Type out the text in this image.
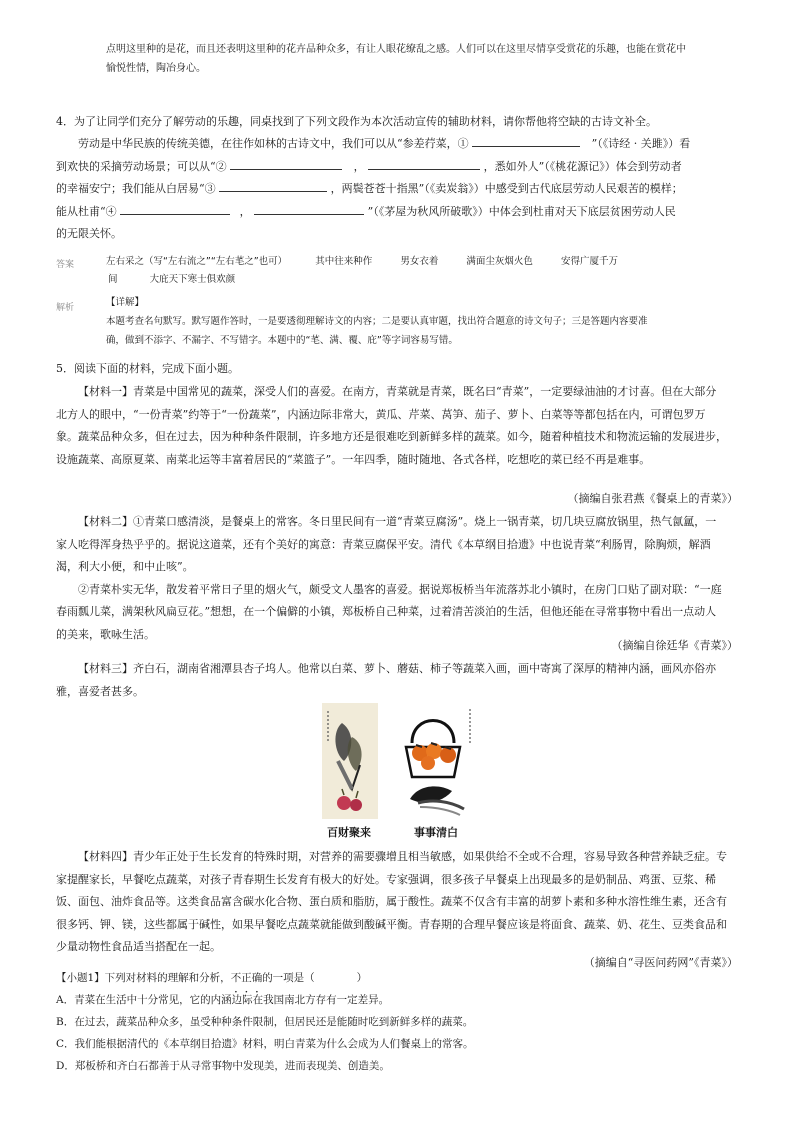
点明这里种的是花，而且还表明这里种的花卉品种众多，有让人眼花缭乱之感。人们可以在这里尽情享受赏花的乐趣，也能在赏花中
愉悦性情，陶冶身心。
4．为了让同学们充分了解劳动的乐趣，同桌找到了下列文段作为本次活动宣传的辅助材料，请你帮他将空缺的古诗文补全。
劳动是中华民族的传统美德，在往作如林的古诗文中，我们可以从“参差荇菜，①	”（《诗经 · 关雎》）看
到欢快的采摘劳动场景；可以从“②	，	，悉如外人”（《桃花源记》）体会到劳动者
的幸福安宁；我们能从白居易“③	，两鬓苍苍十指黑”（《卖炭翁》）中感受到古代底层劳动人民艰苦的模样；
能从杜甫“④	，	”（《茅屋为秋风所破歌》）中体会到杜甫对天下底层贫困劳动人民
的无限关怀。
答案	左右采之（写“左右流之”“左右芼之”也可）	其中往来种作	男女衣着	满面尘灰烟火色	安得广厦千万
间	大庇天下寒士俱欢颜
解析	【详解】
本题考查名句默写。默写题作答时，一是要透彻理解诗文的内容；二是要认真审题，找出符合题意的诗文句子；三是答题内容要准
确，做到不添字、不漏字、不写错字。本题中的“芼、满、覆、庇”等字词容易写错。
5．阅读下面的材料，完成下面小题。
【材料一】青菜是中国常见的蔬菜，深受人们的喜爱。在南方，青菜就是青菜，既名曰“青菜”，一定要绿油油的才讨喜。但在大部分
北方人的眼中，“一份青菜”约等于“一份蔬菜”，内涵边际非常大，黄瓜、芹菜、莴笋、茄子、萝卜、白菜等等都包括在内，可谓包罗万
象。蔬菜品种众多，但在过去，因为种种条件限制，许多地方还是很难吃到新鲜多样的蔬菜。如今，随着种植技术和物流运输的发展进步，
设施蔬菜、高原夏菜、南菜北运等丰富着居民的“菜篮子”。一年四季，随时随地、各式各样，吃想吃的菜已经不再是难事。
（摘编自张君燕《餐桌上的青菜》）
【材料二】①青菜口感清淡，是餐桌上的常客。冬日里民间有一道“青菜豆腐汤”。烧上一锅青菜，切几块豆腐放锅里，热气氤氲，一
家人吃得浑身热乎乎的。据说这道菜，还有个美好的寓意：青菜豆腐保平安。清代《本草纲目拾遗》中也说青菜“利肠胃，除胸烦，解酒
渴，利大小便，和中止咳”。
②青菜朴实无华，散发着平常日子里的烟火气，颇受文人墨客的喜爱。据说郑板桥当年流落苏北小镇时，在房门口贴了副对联：“一庭
春雨瓢儿菜，满架秋风扁豆花。”想想，在一个偏僻的小镇，郑板桥自己种菜，过着清苦淡泊的生活，但他还能在寻常事物中看出一点动人
的美来，歌咏生活。
（摘编自徐廷华《青菜》）
【材料三】齐白石，湖南省湘潭县杏子坞人。他常以白菜、萝卜、蘑菇、柿子等蔬菜入画，画中寄寓了深厚的精神内涵，画风亦俗亦
雅，喜爱者甚多。
百财聚来	事事清白
【材料四】青少年正处于生长发育的特殊时期，对营养的需要骤增且相当敏感，如果供给不全或不合理，容易导致各种营养缺乏症。专
家提醒家长，早餐吃点蔬菜，对孩子青春期生长发育有极大的好处。专家强调，很多孩子早餐桌上出现最多的是奶制品、鸡蛋、豆浆、稀
饭、面包、油炸食品等。这类食品富含碳水化合物、蛋白质和脂肪，属于酸性。蔬菜不仅含有丰富的胡萝卜素和多种水溶性维生素，还含有
很多钙、钾、镁，这些都属于碱性，如果早餐吃点蔬菜就能做到酸碱平衡。青春期的合理早餐应该是将面食、蔬菜、奶、花生、豆类食品和
少量动物性食品适当搭配在一起。
（摘编自“寻医问药网”《青菜》）
【小题1】下列对材料的理解和分析，不正确的一项是（　　　　）
A．青菜在生活中十分常见，它的内涵边际在我国南北方存有一定差异。
B．在过去，蔬菜品种众多，虽受种种条件限制，但居民还是能随时吃到新鲜多样的蔬菜。
C．我们能根据清代的《本草纲目拾遗》材料，明白青菜为什么会成为人们餐桌上的常客。
D．郑板桥和齐白石都善于从寻常事物中发现美，进而表现美、创造美。
